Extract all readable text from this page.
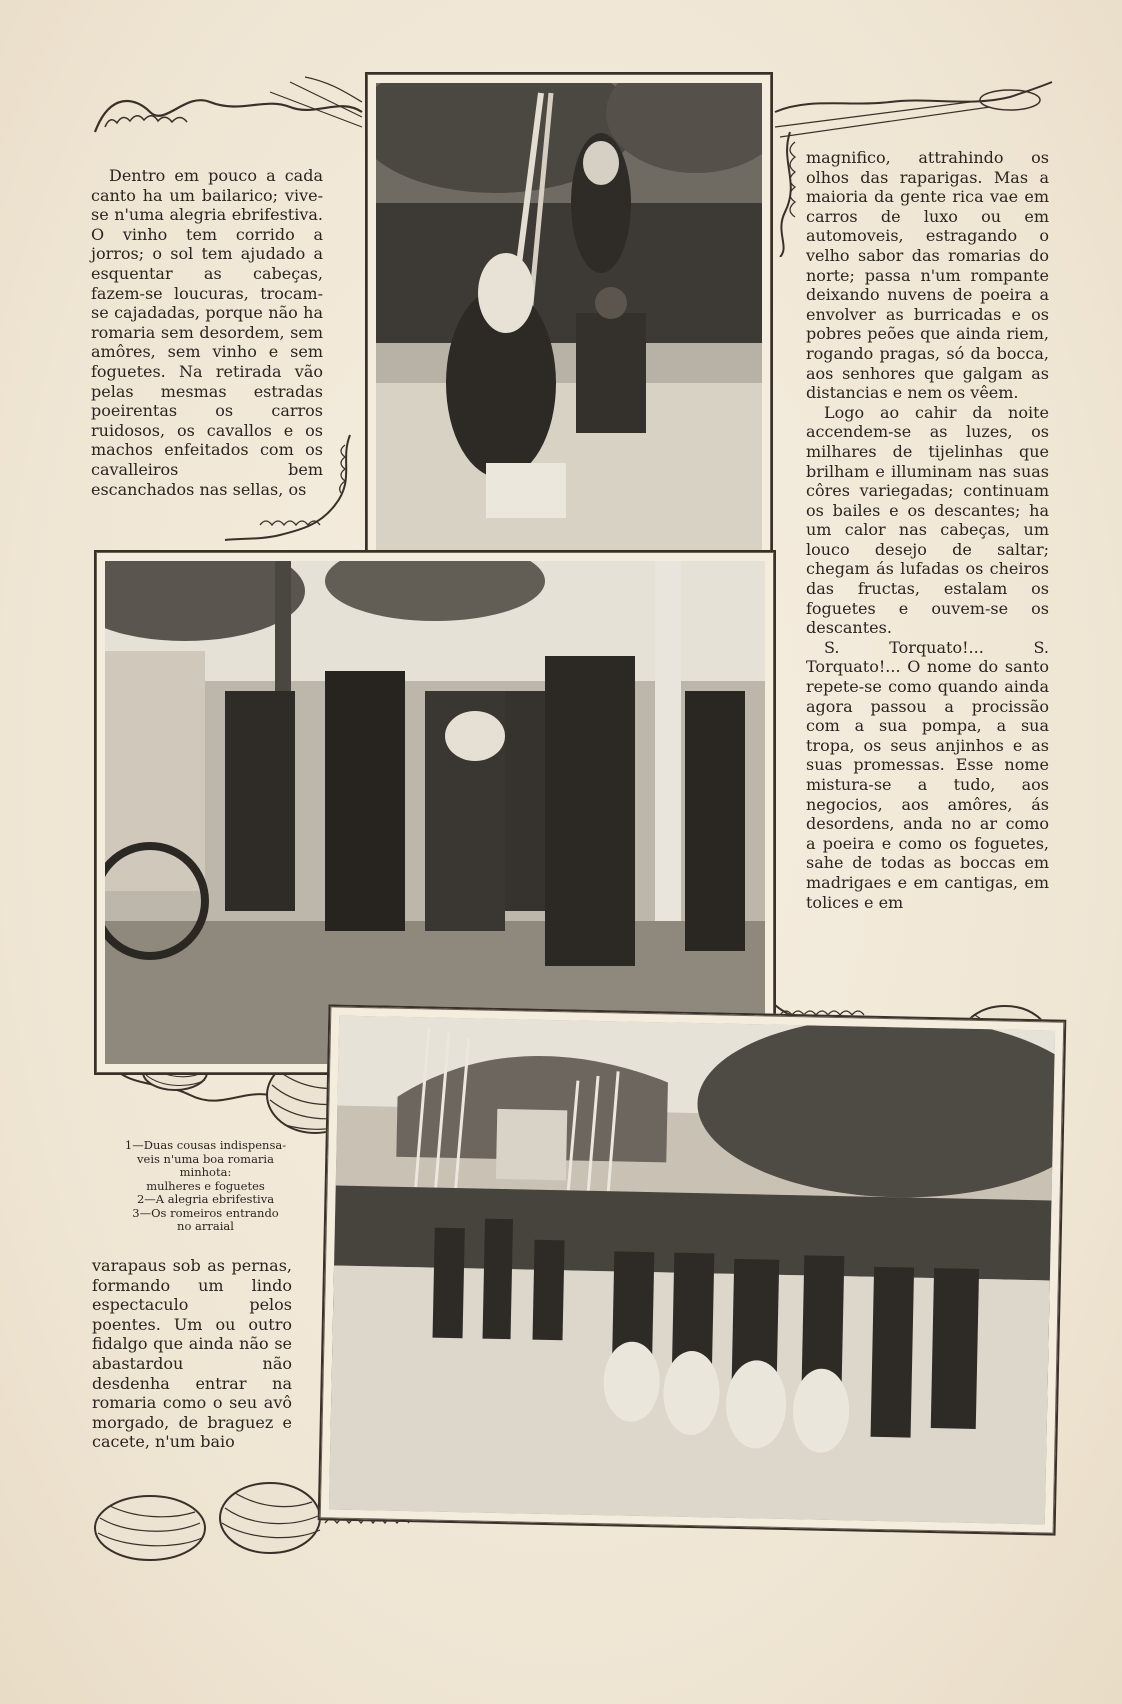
Dentro em pouco a cada canto ha um bailarico; vive-se n'uma alegria ebrifestiva. O vinho tem corrido a jorros; o sol tem ajudado a esquentar as cabeças, fazem-se loucuras, trocam-se cajadadas, porque não ha romaria sem desordem, sem amôres, sem vinho e sem foguetes. Na retirada vão pelas mesmas estradas poeirentas os carros ruidosos, os cavallos e os machos enfeitados com os cavalleiros bem escanchados nas sellas, os

magnifico, attrahindo os olhos das raparigas. Mas a maioria da gente rica vae em carros de luxo ou em automoveis, estragando o velho sabor das romarias do norte; passa n'um rompante deixando nuvens de poeira a envolver as burricadas e os pobres peões que ainda riem, rogando pragas, só da bocca, aos senhores que galgam as distancias e nem os vêem.

Logo ao cahir da noite accendem-se as luzes, os milhares de tijelinhas que brilham e illuminam nas suas côres variegadas; continuam os bailes e os descantes; ha um calor nas cabeças, um louco desejo de saltar; chegam ás lufadas os cheiros das fructas, estalam os foguetes e ouvem-se os descantes.

S. Torquato!... S. Torquato!... O nome do santo repete-se como quando ainda agora passou a procissão com a sua pompa, a sua tropa, os seus anjinhos e as suas promessas. Esse nome mistura-se a tudo, aos negocios, aos amôres, ás desordens, anda no ar como a poeira e como os foguetes, sahe de todas as boccas em madrigaes e em cantigas, em tolices e em

1—Duas cousas indispensa-
veis n'uma boa romaria
minhota:
mulheres e foguetes
2—A alegria ebrifestiva
3—Os romeiros entrando
no arraial

varapaus sob as pernas, formando um lindo espectaculo pelos poentes. Um ou outro fidalgo que ainda não se abastardou não desdenha entrar na romaria como o seu avô morgado, de braguez e cacete, n'um baio
